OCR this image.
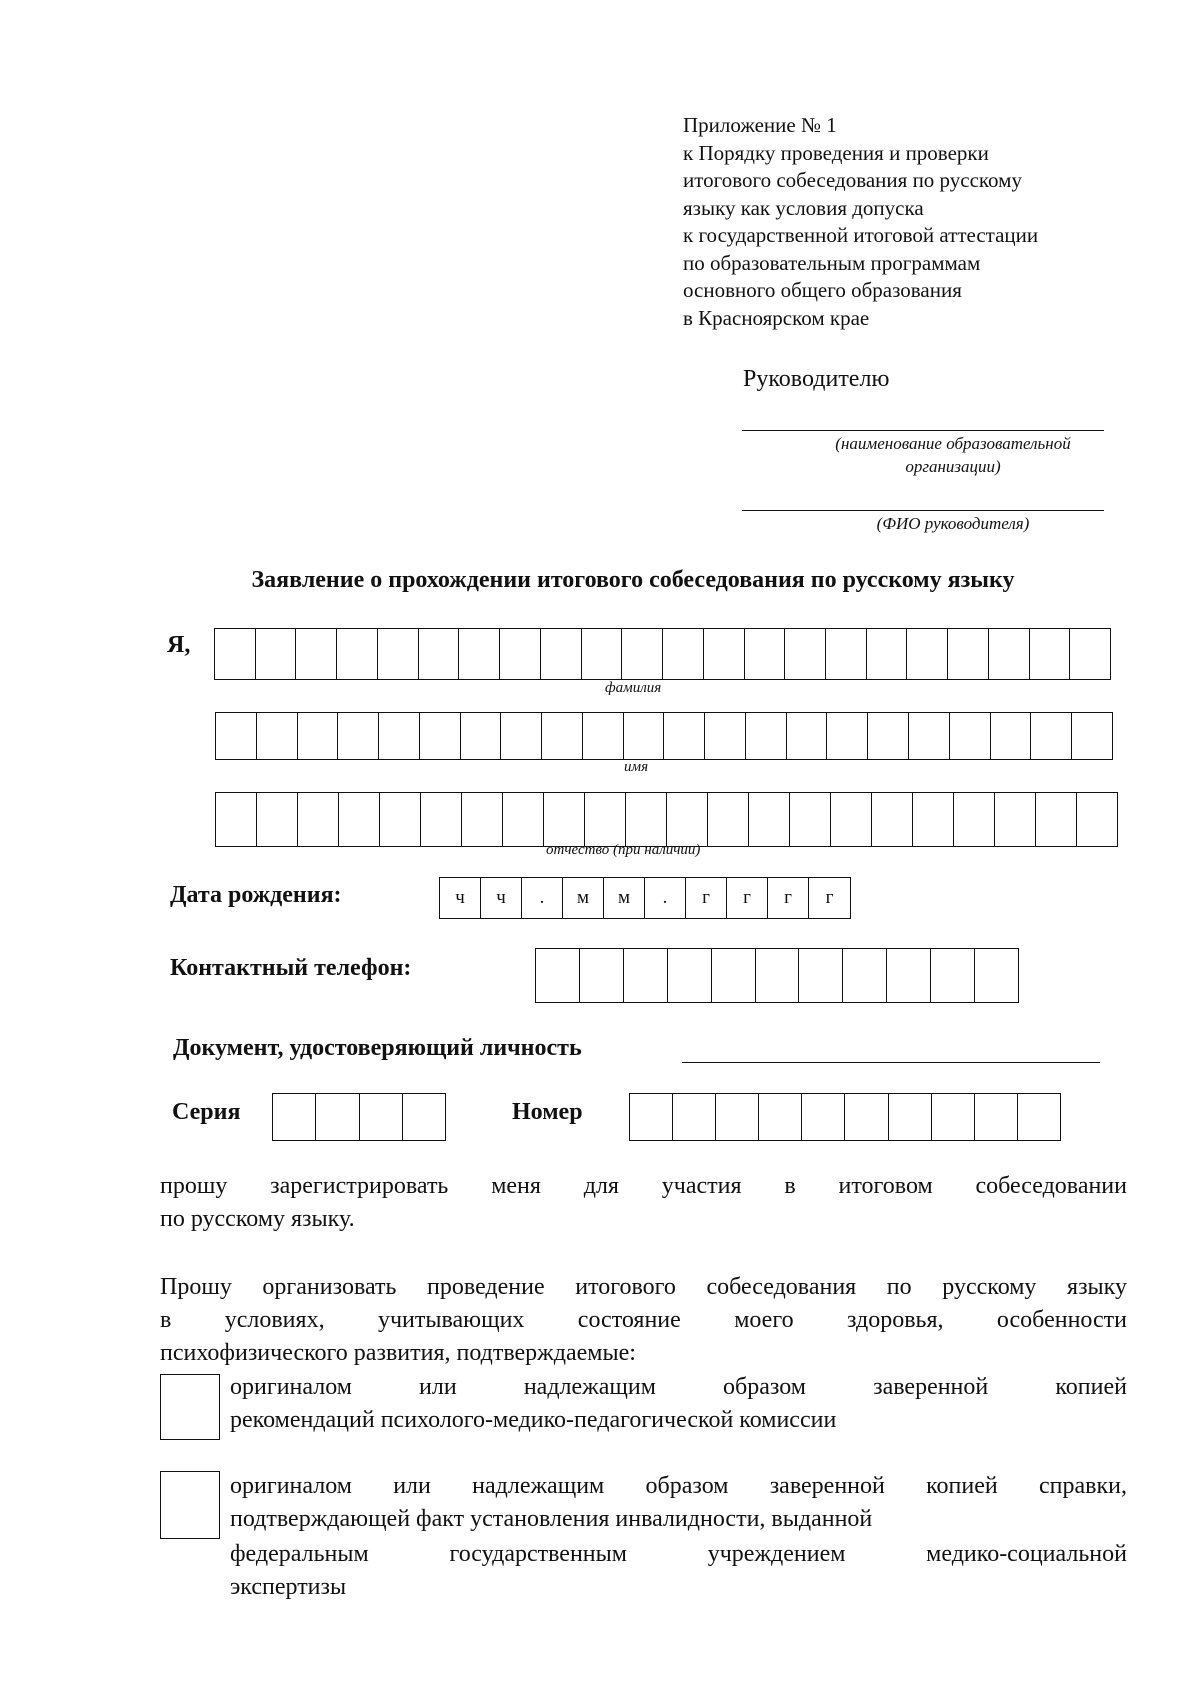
Приложение № 1
к Порядку проведения и проверки
итогового собеседования по русскому
языку как условия допуска
к государственной итоговой аттестации
по образовательным программам
основного общего образования
в Красноярском крае
Руководителю
(наименование образовательной
организации)
(ФИО руководителя)
Заявление о прохождении итогового собеседования по русскому языку
Я,
фамилия
имя
отчество (при наличии)
Дата рождения:	ч	ч	.	м	м	.	г	г	г	г
Контактный телефон:
Документ, удостоверяющий личность
Серия	Номер
прошу зарегистрировать меня для участия в итоговом собеседовании
по русскому языку.
Прошу организовать проведение итогового собеседования по русскому языку
в условиях, учитывающих состояние моего здоровья, особенности
психофизического развития, подтверждаемые:
оригиналом или надлежащим образом заверенной копией
рекомендаций психолого-медико-педагогической комиссии
оригиналом или надлежащим образом заверенной копией справки,
подтверждающей факт установления инвалидности, выданной
федеральным государственным учреждением медико-социальной
экспертизы
